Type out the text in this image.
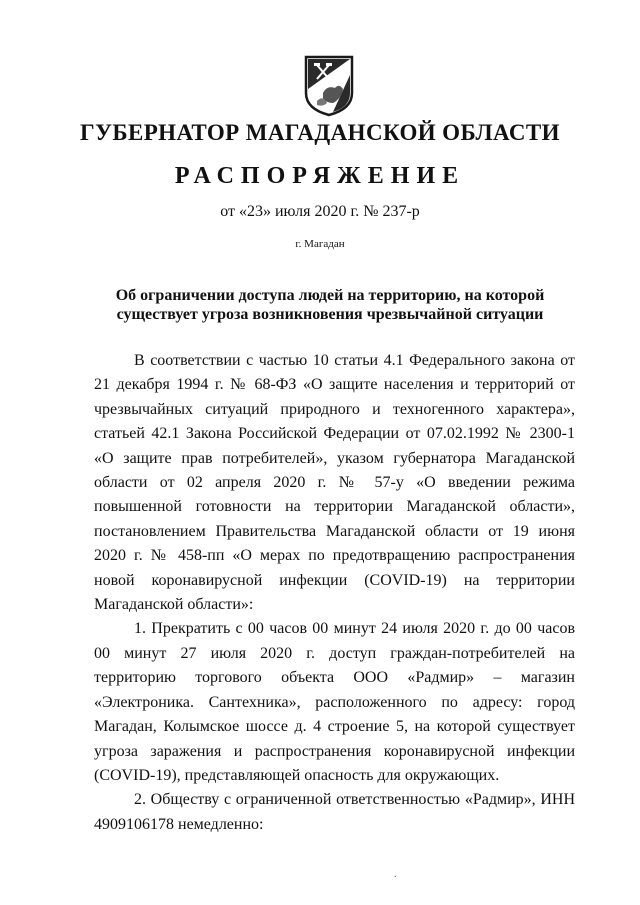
ГУБЕРНАТОР МАГАДАНСКОЙ ОБЛАСТИ
РАСПОРЯЖЕНИЕ
от «23» июля 2020 г. № 237-р
г. Магадан
Об ограничении доступа людей на территорию, на которой
существует угроза возникновения чрезвычайной ситуации

В соответствии с частью 10 статьи 4.1 Федерального закона от 21 декабря 1994 г. № 68-ФЗ «О защите населения и территорий от чрезвычайных ситуаций природного и техногенного характера», статьей 42.1 Закона Российской Федерации от 07.02.1992 № 2300-1 «О защите прав потребителей», указом губернатора Магаданской области от 02 апреля 2020 г. № 57-у «О введении режима повышенной готовности на территории Магаданской области», постановлением Правительства Магаданской области от 19 июня 2020 г. № 458-пп «О мерах по предотвращению распространения новой коронавирусной инфекции (COVID-19) на территории Магаданской области»:

1. Прекратить с 00 часов 00 минут 24 июля 2020 г. до 00 часов 00 минут 27 июля 2020 г. доступ граждан-потребителей на территорию торгового объекта ООО «Радмир» – магазин «Электроника. Сантехника», расположенного по адресу: город Магадан, Колымское шоссе д. 4 строение 5, на которой существует угроза заражения и распространения коронавирусной инфекции (COVID-19), представляющей опасность для окружающих.

2. Обществу с ограниченной ответственностью «Радмир», ИНН 4909106178 немедленно:

.
